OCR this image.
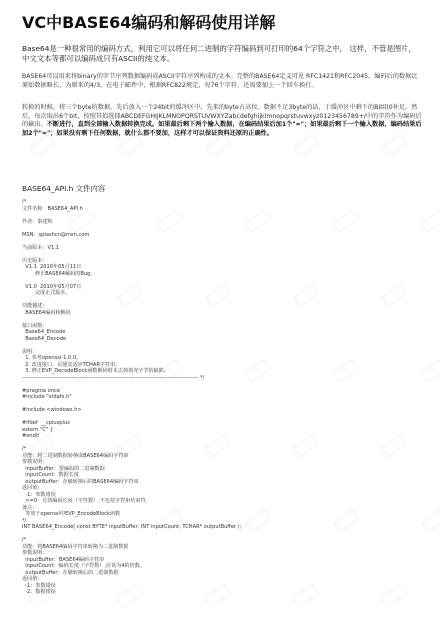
VC中BASE64编码和解码使用详解

Base64是一种很常用的编码方式，利用它可以将任何二进制的字符编码到可打印的64个字符之中， 这样，不管是图片，中文文本等都可以编码成只有ASCII的纯文本。

BASE64可以用来将binary的字节序列数据编码成ASCII字符序列构成的文本。完整的BASE64定义可见 RFC1421和RFC2045。编码后的数据比原始数据略长，为原来的4/3。在电子邮件中，根据RFC822规定，每76个字符，还需要加上一个回车换行。

转换的时候，将三个byte的数据，先后放入一个24bit的缓冲区中，先来的byte占高位。数据不足3byte的话，于缓冲区中剩下的Bit用0补足。然后，每次取出6个bit，按照其值选择ABCDEFGHIJKLMNOPQRSTUVWXYZabcdefghijklmnopqrstuvwxyz0123456789+/中的字符作为编码后的输出。不断进行，直到全部输入数据转换完成。如果最后剩下两个输入数据，在编码结果后加1个"="；如果最后剩下一个输入数据，编码结果后加2个"="；如果没有剩下任何数据，就什么都不要加，这样才可以保证资料还原的正确性。

BASE64_API.h 文件内容

/*
文件名称：BASE64_API.h

作者：秦建辉

MSN：splashcn@msn.com

当前版本：V1.1

历史版本：
V1.1  2010年05月11日
修正BASE64解码的Bug。

V1.0  2010年05月07日
完成正式版本。

功能描述：
BASE64编码和解码

接口函数：
Base64_Encode
Base64_Decode

说明：
1. 参考openssl-1.0.0。
2. 改进接口，以使其适应TCHAR字符串。
3. 修正EVP_DecodeBlock函数解码时未去掉填充字节的缺陷。
------------------------------------------------------------------------------------------------ */

#pragma once
#include "stdafx.h"

#include <windows.h>

#ifdef  __cplusplus
extern "C" {
#endif

/*
功能：将二进制数据转换成BASE64编码字符串
参数说明：
inputBuffer：要编码的二进制数据
inputCount：数据长度
outputBuffer：存储转换后的BASE64编码字符串
返回值：
-1：参数错误
>=0：有效编码长度（字符数）,不包括字符串结束符。
备注：
等效于openssl中EVP_EncodeBlock函数
*/
INT BASE64_Encode( const BYTE* inputBuffer, INT inputCount, TCHAR* outputBuffer );

/*
功能：将BASE64编码字符串转换为二进制数据
参数说明：
inputBuffer：BASE64编码字符串
inputCount：编码长度（字符数）,应该为4的倍数。
outputBuffer：存储转换后的二进制数据
返回值：
-1：参数错误
-2：数据错误
